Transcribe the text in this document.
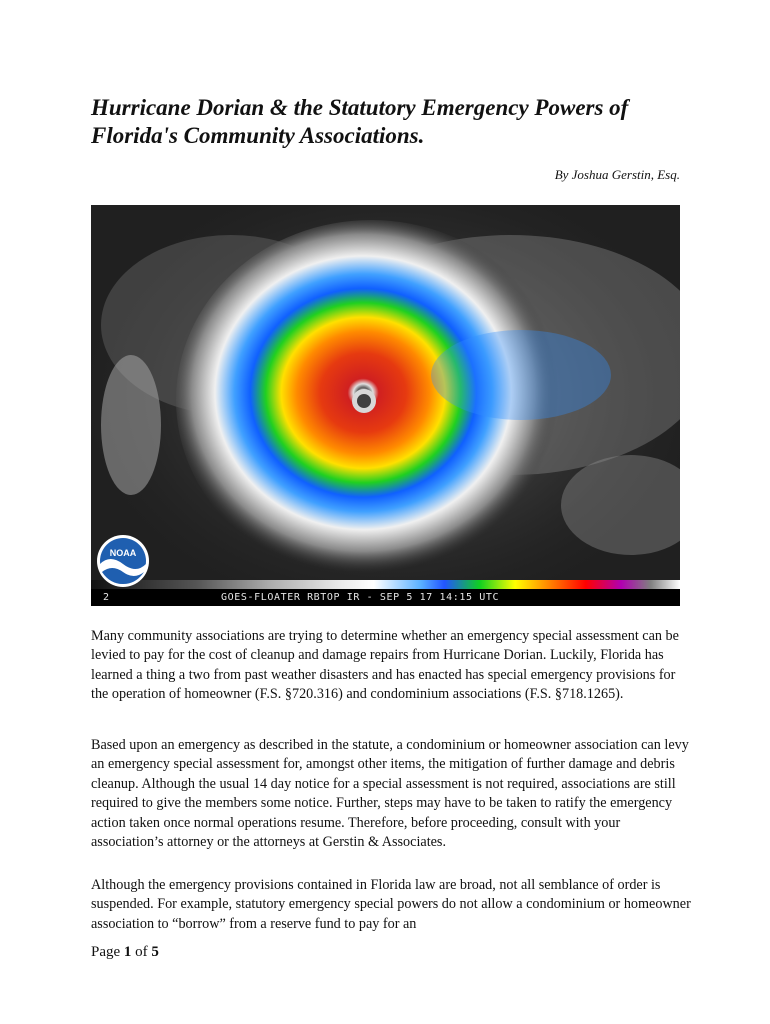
Hurricane Dorian & the Statutory Emergency Powers of Florida's Community Associations.
By Joshua Gerstin, Esq.
2	GOES-FLOATER RBTOP IR - SEP 5 17 14:15 UTC
NOAA

Many community associations are trying to determine whether an emergency special assessment can be levied to pay for the cost of cleanup and damage repairs from Hurricane Dorian. Luckily, Florida has learned a thing a two from past weather disasters and has enacted has special emergency provisions for the operation of homeowner (F.S. §720.316) and condominium associations (F.S. §718.1265).

Based upon an emergency as described in the statute, a condominium or homeowner association can levy an emergency special assessment for, amongst other items, the mitigation of further damage and debris cleanup. Although the usual 14 day notice for a special assessment is not required, associations are still required to give the members some notice. Further, steps may have to be taken to ratify the emergency action taken once normal operations resume. Therefore, before proceeding, consult with your association’s attorney or the attorneys at Gerstin & Associates.

Although the emergency provisions contained in Florida law are broad, not all semblance of order is suspended. For example, statutory emergency special powers do not allow a condominium or homeowner association to “borrow” from a reserve fund to pay for an

Page 1 of 5
